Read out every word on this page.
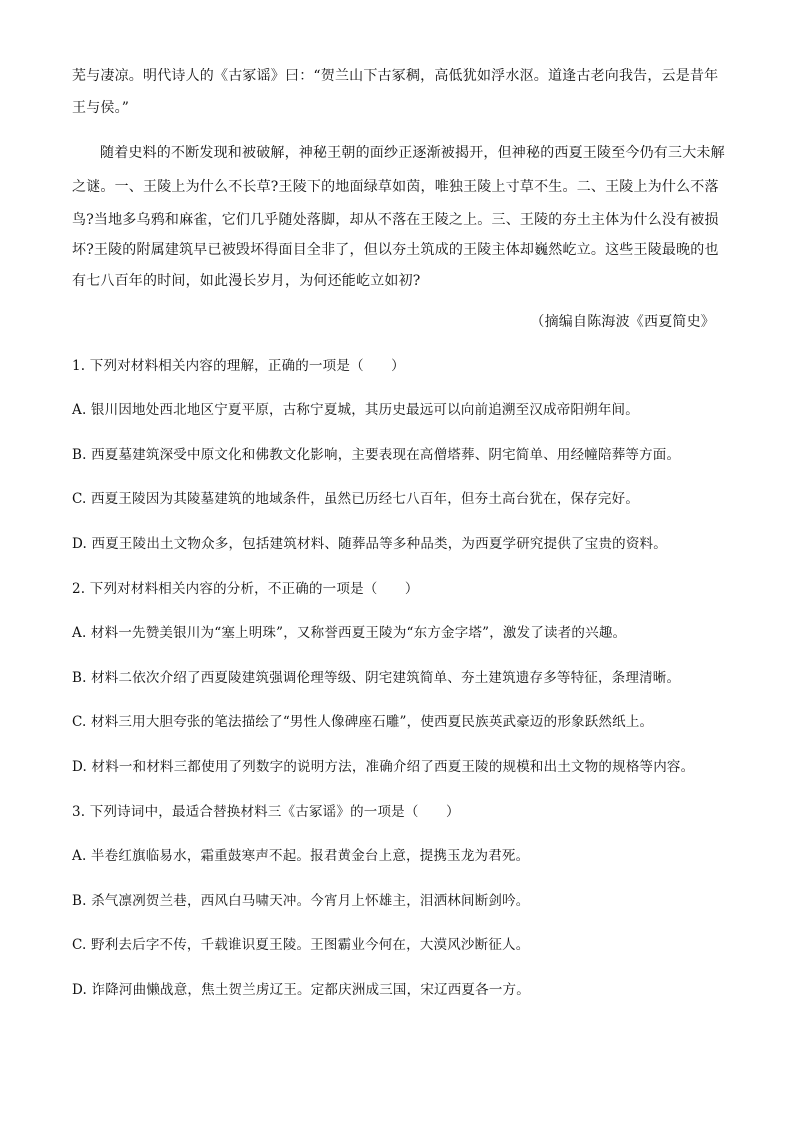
芜与凄凉。明代诗人的《古冢谣》曰：“贺兰山下古冢稠，高低犹如浮水沤。道逢古老向我告，云是昔年
王与侯。”
随着史料的不断发现和被破解，神秘王朝的面纱正逐渐被揭开，但神秘的西夏王陵至今仍有三大未解
之谜。一、王陵上为什么不长草?王陵下的地面绿草如茵，唯独王陵上寸草不生。二、王陵上为什么不落
鸟?当地多乌鸦和麻雀，它们几乎随处落脚，却从不落在王陵之上。三、王陵的夯土主体为什么没有被损
坏?王陵的附属建筑早已被毁坏得面目全非了，但以夯土筑成的王陵主体却巍然屹立。这些王陵最晚的也
有七八百年的时间，如此漫长岁月，为何还能屹立如初?
（摘编自陈海波《西夏简史》
1. 下列对材料相关内容的理解，正确的一项是（　　）
A. 银川因地处西北地区宁夏平原，古称宁夏城，其历史最远可以向前追溯至汉成帝阳朔年间。
B. 西夏墓建筑深受中原文化和佛教文化影响，主要表现在高僧塔葬、阴宅简单、用经幢陪葬等方面。
C. 西夏王陵因为其陵墓建筑的地域条件，虽然已历经七八百年，但夯土高台犹在，保存完好。
D. 西夏王陵出土文物众多，包括建筑材料、随葬品等多种品类，为西夏学研究提供了宝贵的资料。
2. 下列对材料相关内容的分析，不正确的一项是（　　）
A. 材料一先赞美银川为“塞上明珠”，又称誉西夏王陵为“东方金字塔”，激发了读者的兴趣。
B. 材料二依次介绍了西夏陵建筑强调伦理等级、阴宅建筑简单、夯土建筑遗存多等特征，条理清晰。
C. 材料三用大胆夸张的笔法描绘了“男性人像碑座石雕”，使西夏民族英武豪迈的形象跃然纸上。
D. 材料一和材料三都使用了列数字的说明方法，准确介绍了西夏王陵的规模和出土文物的规格等内容。
3. 下列诗词中，最适合替换材料三《古冢谣》的一项是（　　）
A. 半卷红旗临易水，霜重鼓寒声不起。报君黄金台上意，提携玉龙为君死。
B. 杀气凛冽贺兰巷，西风白马啸天冲。今宵月上怀雄主，泪洒林间断剑吟。
C. 野利去后字不传，千载谁识夏王陵。王图霸业今何在，大漠风沙断征人。
D. 诈降河曲懒战意，焦土贺兰虏辽王。定都庆洲成三国，宋辽西夏各一方。
